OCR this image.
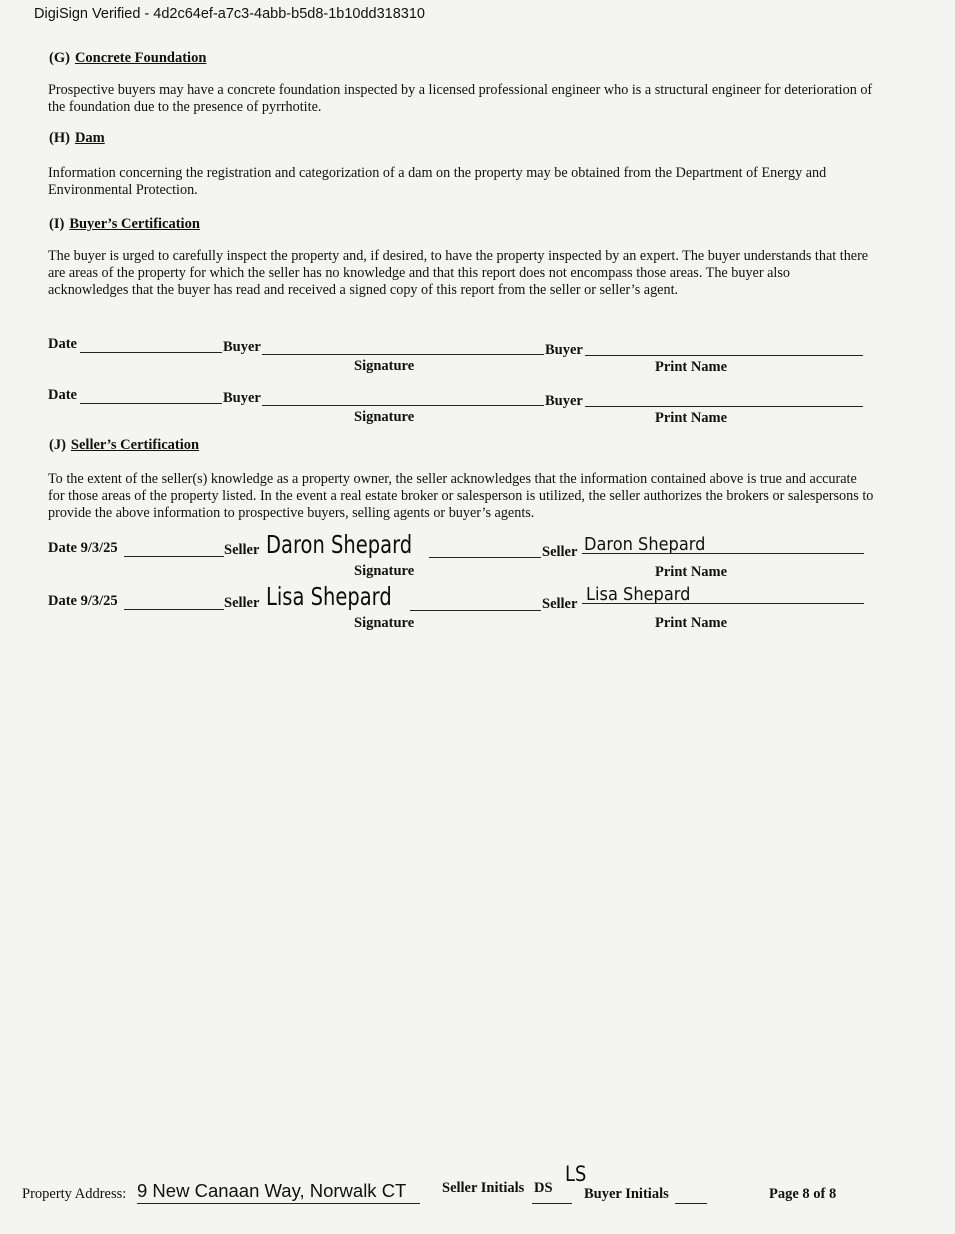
DigiSign Verified - 4d2c64ef-a7c3-4abb-b5d8-1b10dd318310
(G) Concrete Foundation
Prospective buyers may have a concrete foundation inspected by a licensed professional engineer who is a structural engineer for deterioration of the foundation due to the presence of pyrrhotite.
(H) Dam
Information concerning the registration and categorization of a dam on the property may be obtained from the Department of Energy and Environmental Protection.
(I) Buyer’s Certification
The buyer is urged to carefully inspect the property and, if desired, to have the property inspected by an expert. The buyer understands that there are areas of the property for which the seller has no knowledge and that this report does not encompass those areas. The buyer also acknowledges that the buyer has read and received a signed copy of this report from the seller or seller’s agent.
Date	Buyer
Signature
Buyer
Print Name
Date	Buyer
Signature
Buyer
Print Name
(J) Seller’s Certification
To the extent of the seller(s) knowledge as a property owner, the seller acknowledges that the information contained above is true and accurate for those areas of the property listed. In the event a real estate broker or salesperson is utilized, the seller authorizes the brokers or salespersons to provide the above information to prospective buyers, selling agents or buyer’s agents.
Date 9/3/25	Seller Daron Shepard
Signature
Seller Daron Shepard
Print Name
Date 9/3/25	Seller Lisa Shepard
Signature
Seller Lisa Shepard
Print Name
Property Address: 9 New Canaan Way, Norwalk CT Seller Initials DS
LS
Buyer Initials	Page 8 of 8
